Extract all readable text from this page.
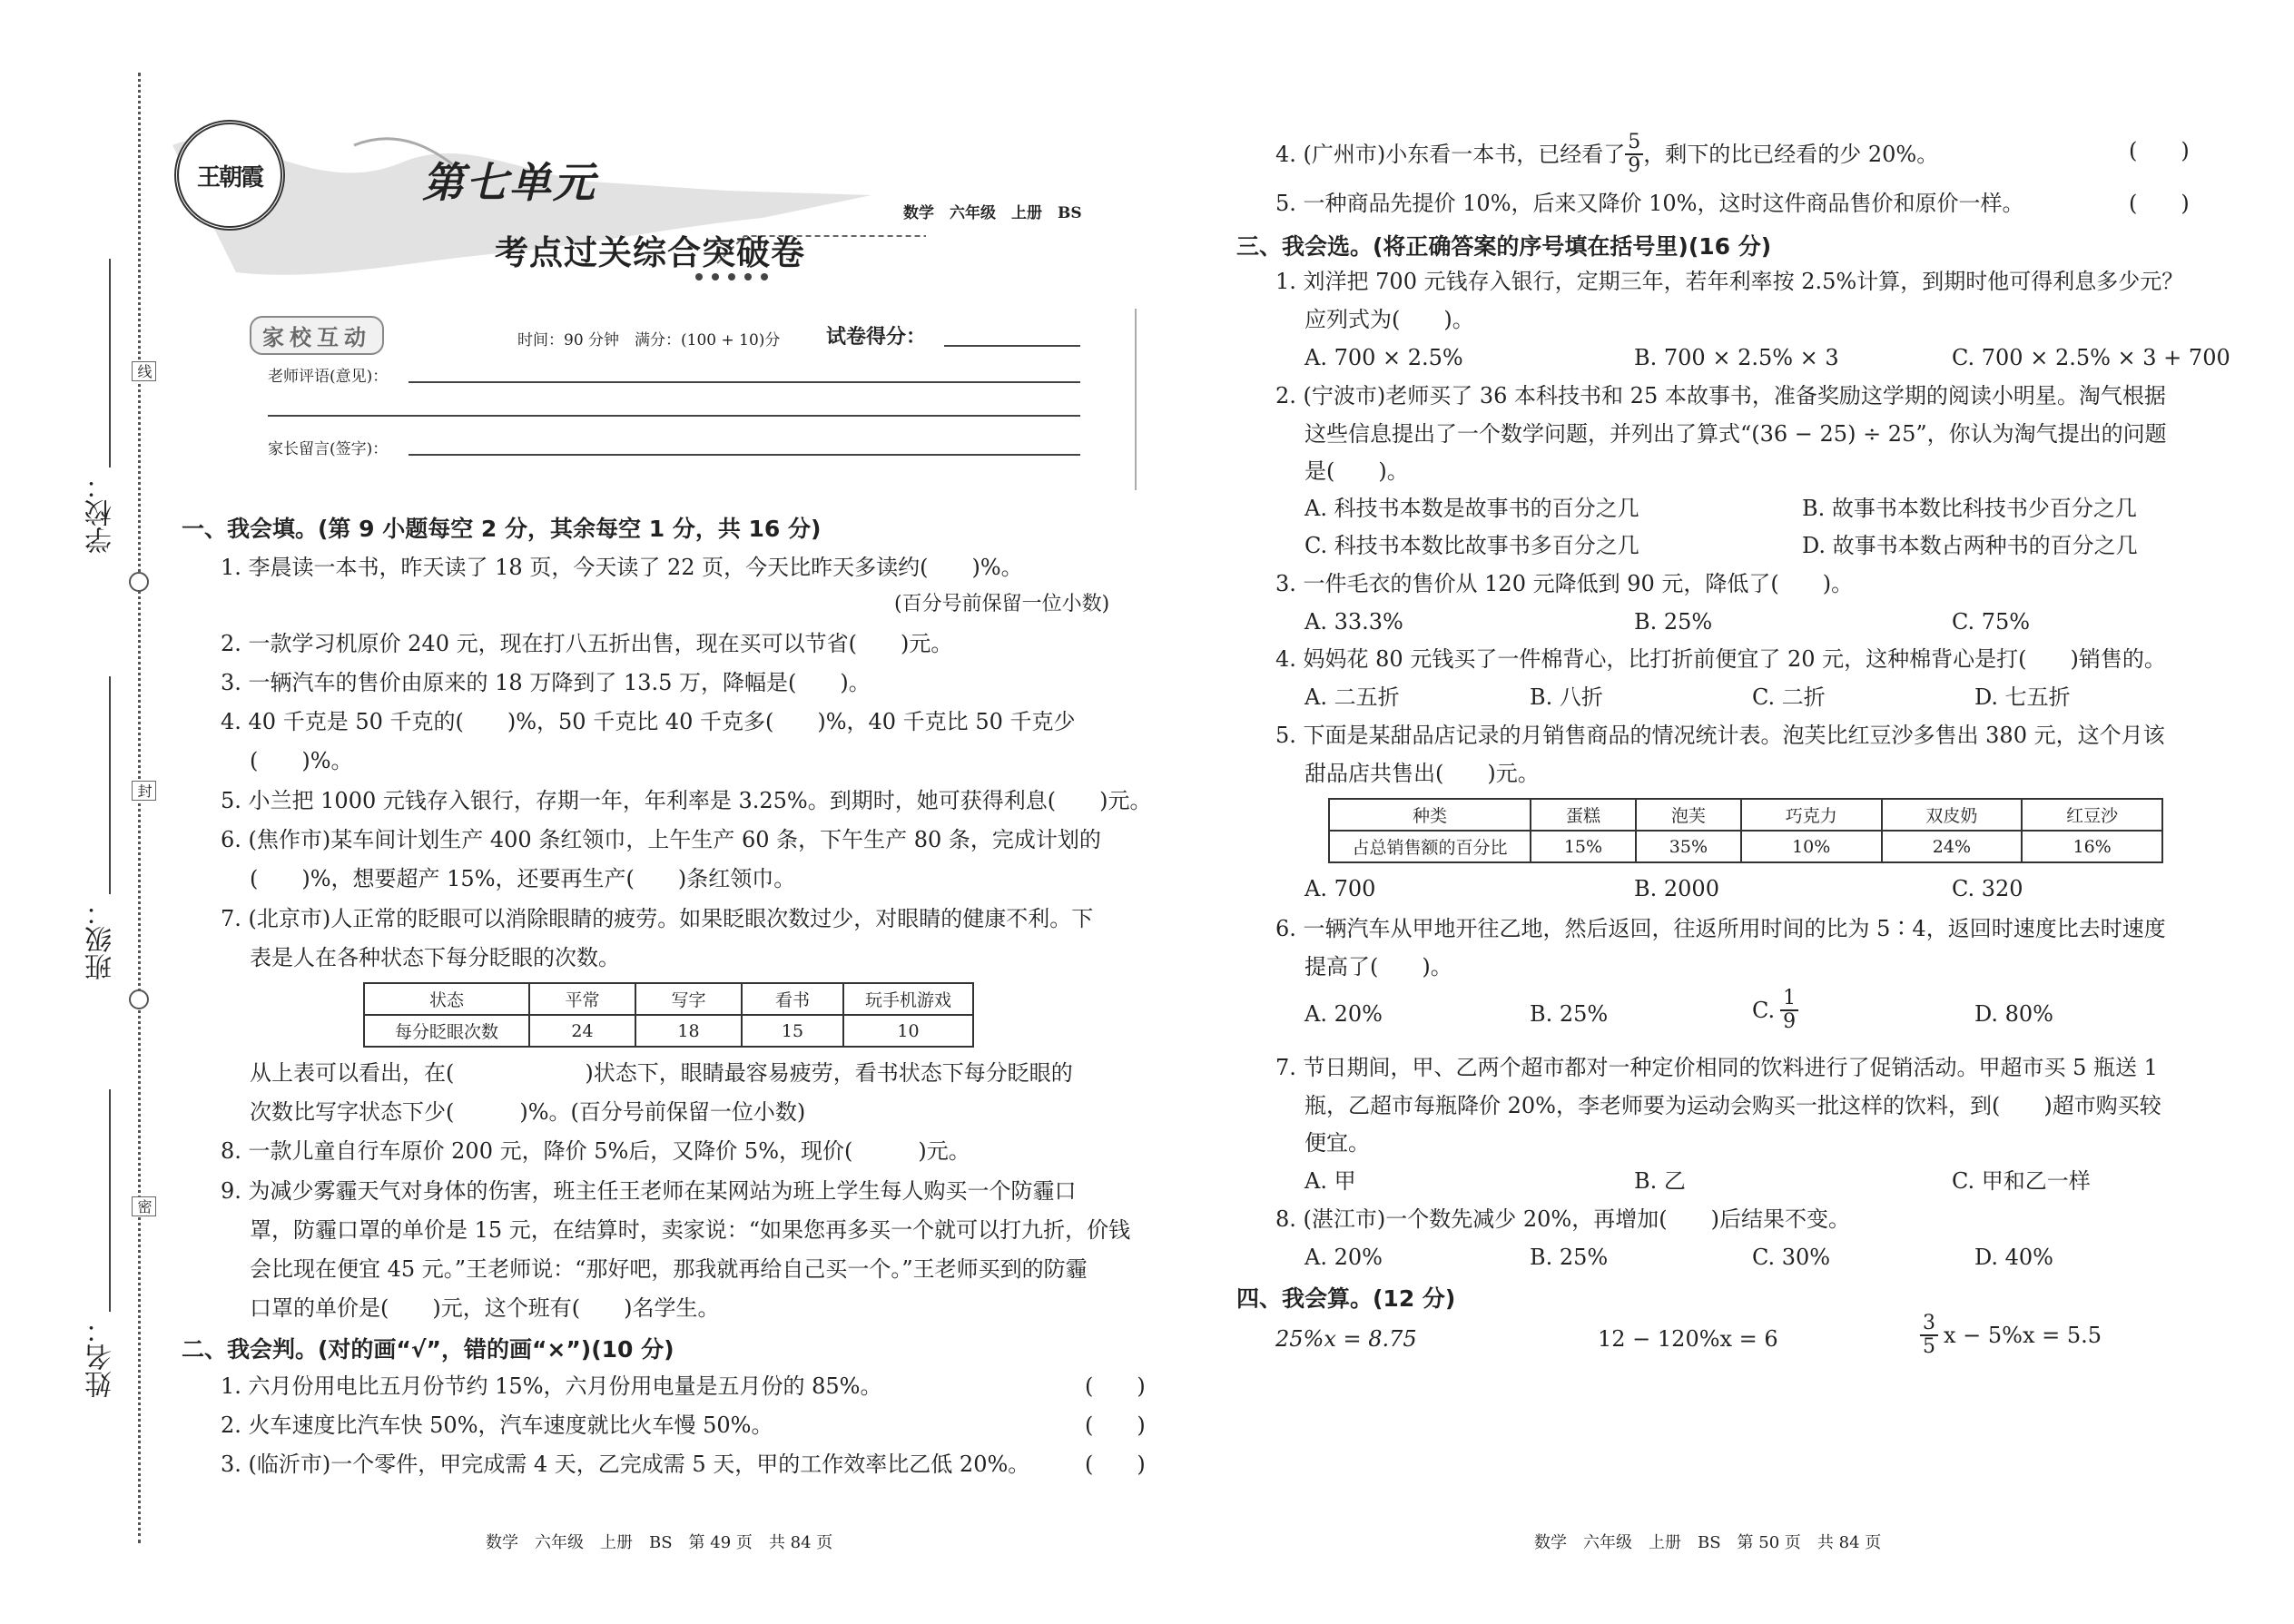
线
封
密
学校：
班级：
姓名：
王朝霞	第七单元
考点过关综合突破卷
数学　六年级　上册　BS
家校互动	时间：90 分钟　满分：(100 + 10)分 试卷得分：
老师评语(意见)：
家长留言(签字)：
一、我会填。(第 9 小题每空 2 分，其余每空 1 分，共 16 分)
1. 李晨读一本书，昨天读了 18 页，今天读了 22 页，今天比昨天多读约(　　)%。
(百分号前保留一位小数)
2. 一款学习机原价 240 元，现在打八五折出售，现在买可以节省(　　)元。
3. 一辆汽车的售价由原来的 18 万降到了 13.5 万，降幅是(　　)。
4. 40 千克是 50 千克的(　　)%，50 千克比 40 千克多(　　)%，40 千克比 50 千克少
(　　)%。
5. 小兰把 1000 元钱存入银行，存期一年，年利率是 3.25%。到期时，她可获得利息(　　)元。
6. (焦作市)某车间计划生产 400 条红领巾，上午生产 60 条，下午生产 80 条，完成计划的
(　　)%，想要超产 15%，还要再生产(　　)条红领巾。
7. (北京市)人正常的眨眼可以消除眼睛的疲劳。如果眨眼次数过少，对眼睛的健康不利。下
表是人在各种状态下每分眨眼的次数。
状态	平常	写字	看书	玩手机游戏
每分眨眼次数	24	18	15	10
从上表可以看出，在(　　　　　　)状态下，眼睛最容易疲劳，看书状态下每分眨眼的
次数比写字状态下少(　　　)%。(百分号前保留一位小数)
8. 一款儿童自行车原价 200 元，降价 5%后，又降价 5%，现价(　　　)元。
9. 为减少雾霾天气对身体的伤害，班主任王老师在某网站为班上学生每人购买一个防霾口
罩，防霾口罩的单价是 15 元，在结算时，卖家说：“如果您再多买一个就可以打九折，价钱
会比现在便宜 45 元。”王老师说：“那好吧，那我就再给自己买一个。”王老师买到的防霾
口罩的单价是(　　)元，这个班有(　　)名学生。
二、我会判。(对的画“√”，错的画“×”)(10 分)
1. 六月份用电比五月份节约 15%，六月份用电量是五月份的 85%。	(　　)
2. 火车速度比汽车快 50%，汽车速度就比火车慢 50%。	(　　)
3. (临沂市)一个零件，甲完成需 4 天，乙完成需 5 天，甲的工作效率比乙低 20%。	(　　)
数学　六年级　上册　BS　第 49 页　共 84 页
4. (广州市)小东看一本书，已经看了 $\frac{5}{9}$ ，剩下的比已经看的少 20%。	(　　)
5. 一种商品先提价 10%，后来又降价 10%，这时这件商品售价和原价一样。	(　　)
三、我会选。(将正确答案的序号填在括号里)(16 分)
1. 刘洋把 700 元钱存入银行，定期三年，若年利率按 2.5%计算，到期时他可得利息多少元？
应列式为(　　)。
A. 700 × 2.5%	B. 700 × 2.5% × 3	C. 700 × 2.5% × 3 + 700
2. (宁波市)老师买了 36 本科技书和 25 本故事书，准备奖励这学期的阅读小明星。淘气根据
这些信息提出了一个数学问题，并列出了算式“(36 − 25) ÷ 25”，你认为淘气提出的问题
是(　　)。
A. 科技书本数是故事书的百分之几	B. 故事书本数比科技书少百分之几
C. 科技书本数比故事书多百分之几	D. 故事书本数占两种书的百分之几
3. 一件毛衣的售价从 120 元降低到 90 元，降低了(　　)。
A. 33.3%	B. 25%	C. 75%
4. 妈妈花 80 元钱买了一件棉背心，比打折前便宜了 20 元，这种棉背心是打(　　)销售的。
A. 二五折	B. 八折	C. 二折	D. 七五折
5. 下面是某甜品店记录的月销售商品的情况统计表。泡芙比红豆沙多售出 380 元，这个月该
甜品店共售出(　　)元。
种类	蛋糕	泡芙	巧克力	双皮奶	红豆沙
占总销售额的百分比	15%	35%	10%	24%	16%
A. 700	B. 2000	C. 320
6. 一辆汽车从甲地开往乙地，然后返回，往返所用时间的比为 5∶4，返回时速度比去时速度
提高了(　　)。
A. 20%	B. 25%	C. $\frac{1}{9}$	D. 80%
7. 节日期间，甲、乙两个超市都对一种定价相同的饮料进行了促销活动。甲超市买 5 瓶送 1
瓶，乙超市每瓶降价 20%，李老师要为运动会购买一批这样的饮料，到(　　)超市购买较
便宜。
A. 甲	B. 乙	C. 甲和乙一样
8. (湛江市)一个数先减少 20%，再增加(　　)后结果不变。
A. 20%	B. 25%	C. 30%	D. 40%
四、我会算。(12 分)
25%x = 8.75	12 − 120%x = 6	$\frac{3}{5}$ x − 5%x = 5.5
数学　六年级　上册　BS　第 50 页　共 84 页
